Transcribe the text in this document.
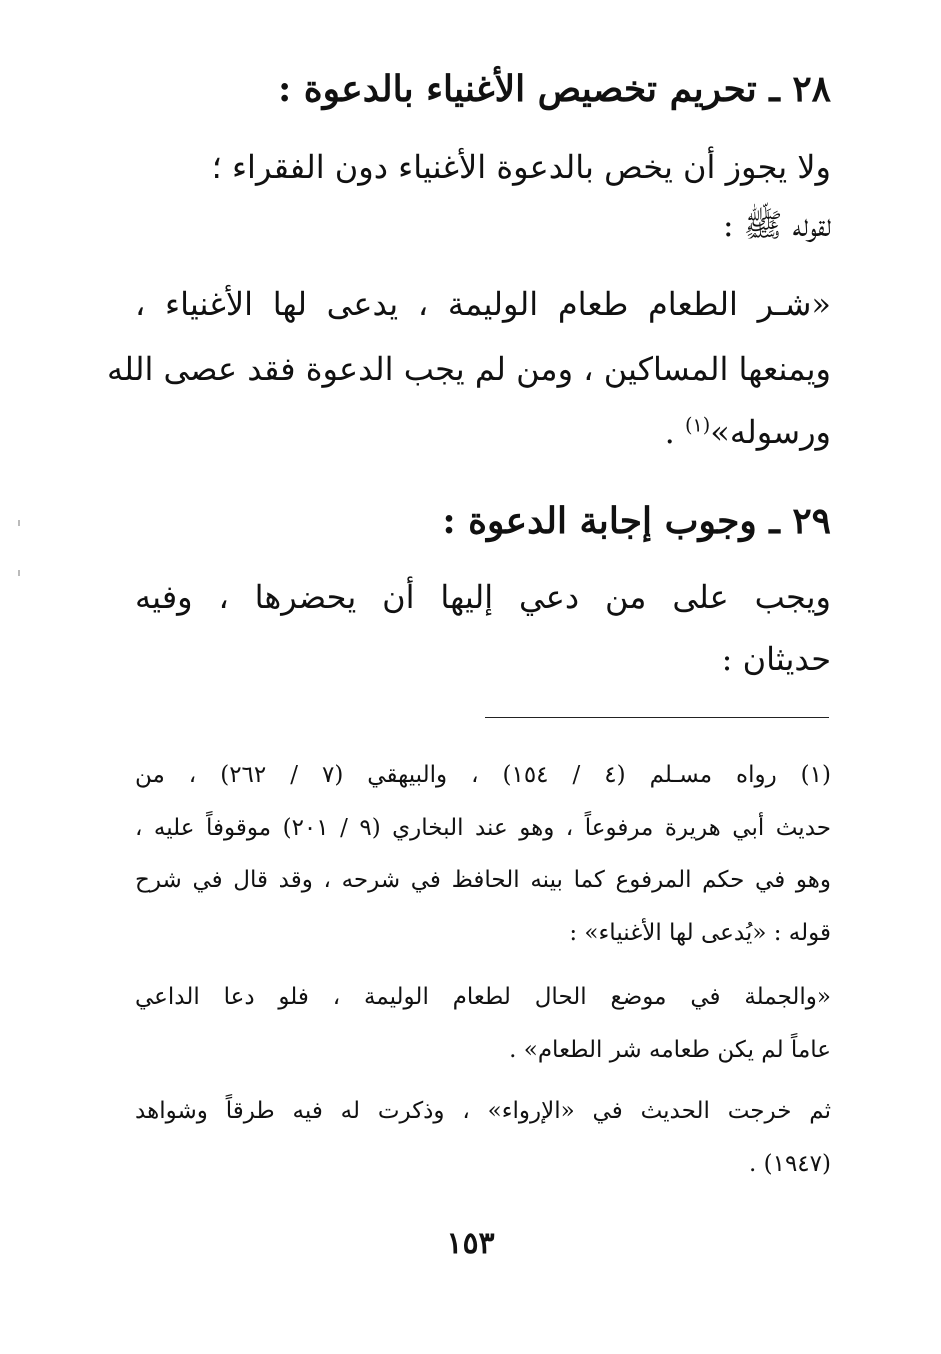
٢٨ ـ تحريم تخصيص الأغنياء بالدعوة :
ولا يجوز أن يخص بالدعوة الأغنياء دون الفقراء ؛
لقوله ﷺ :
«شـر الطعام طعام الوليمة ، يدعى لها الأغنياء ،
ويمنعها المساكين ، ومن لم يجب الدعوة فقد عصى الله
ورسوله»$^{(١)}$ .
٢٩ ـ وجوب إجابة الدعوة :
ويجب على من دعي إليها أن يحضرها ، وفيه
حديثان :
(١) رواه مسـلم (٤ / ١٥٤) ، والبيهقي (٧ / ٢٦٢) ، من
حديث أبي هريرة مرفوعاً ، وهو عند البخاري (٩ / ٢٠١) موقوفاً عليه ،
وهو في حكم المرفوع كما بينه الحافظ في شرحه ، وقد قال في شرح
قوله : «يُدعى لها الأغنياء» :
«والجملة في موضع الحال لطعام الوليمة ، فلو دعا الداعي
عاماً لم يكن طعامه شر الطعام» .
ثم خرجت الحديث في «الإرواء» ، وذكرت له فيه طرقاً وشواهد
(١٩٤٧) .
١٥٣
